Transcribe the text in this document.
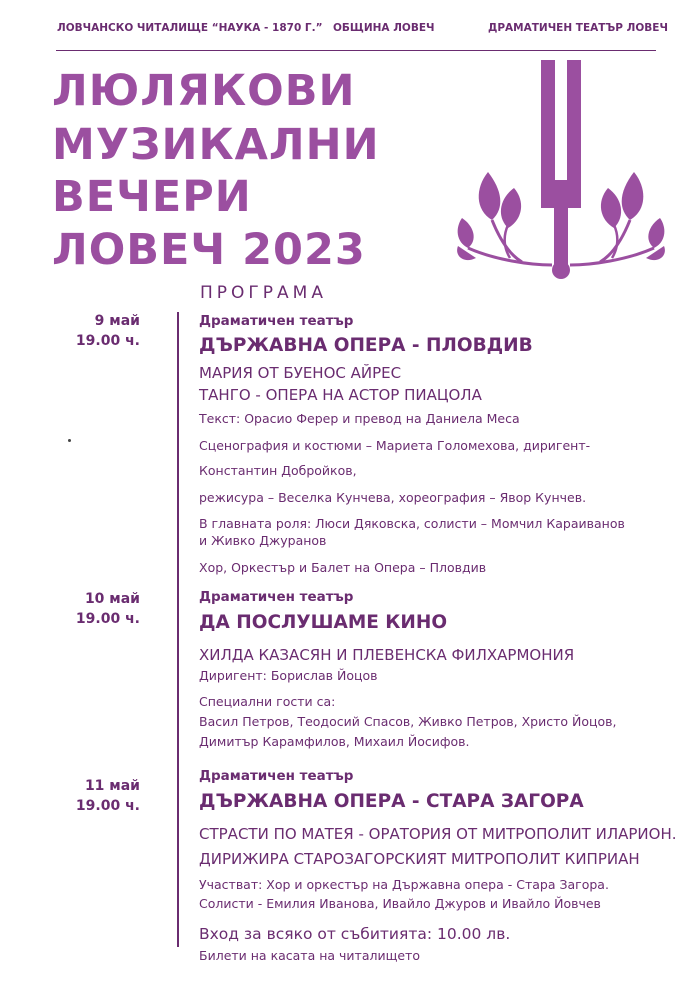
ЛОВЧАНСКО ЧИТАЛИЩЕ “НАУКА - 1870 Г.” ОБЩИНА ЛОВЕЧ	ДРАМАТИЧЕН ТЕАТЪР ЛОВЕЧ
ЛЮЛЯКОВИ
МУЗИКАЛНИ
ВЕЧЕРИ
ЛОВЕЧ 2023
ПРОГРАМА
9 май
19.00 ч.
Драматичен театър
ДЪРЖАВНА ОПЕРА - ПЛОВДИВ
МАРИЯ ОТ БУЕНОС АЙРЕС
ТАНГО - ОПЕРА НА АСТОР ПИАЦОЛА
Текст: Орасио Ферер и превод на Даниела Меса
Сценография и костюми – Мариета Голомехова, диригент-
Константин Добройков,
режисура – Веселка Кунчева, хореография – Явор Кунчев.
В главната роля: Люси Дяковска, солисти – Момчил Караиванов
и Живко Джуранов
Хор, Оркестър и Балет на Опера – Пловдив
10 май
19.00 ч.
Драматичен театър
ДА ПОСЛУШАМЕ КИНО
ХИЛДА КАЗАСЯН И ПЛЕВЕНСКА ФИЛХАРМОНИЯ
Диригент: Борислав Йоцов
Специални гости са:
Васил Петров, Теодосий Спасов, Живко Петров, Христо Йоцов,
Димитър Карамфилов, Михаил Йосифов.
11 май
19.00 ч.
Драматичен театър
ДЪРЖАВНА ОПЕРА - СТАРА ЗАГОРА
СТРАСТИ ПО МАТЕЯ - ОРАТОРИЯ ОТ МИТРОПОЛИТ ИЛАРИОН.
ДИРИЖИРА СТАРОЗАГОРСКИЯТ МИТРОПОЛИТ КИПРИАН
Участват: Хор и оркестър на Държавна опера - Стара Загора.
Солисти - Емилия Иванова, Ивайло Джуров и Ивайло Йовчев
Вход за всяко от събитията: 10.00 лв.
Билети на касата на читалището
